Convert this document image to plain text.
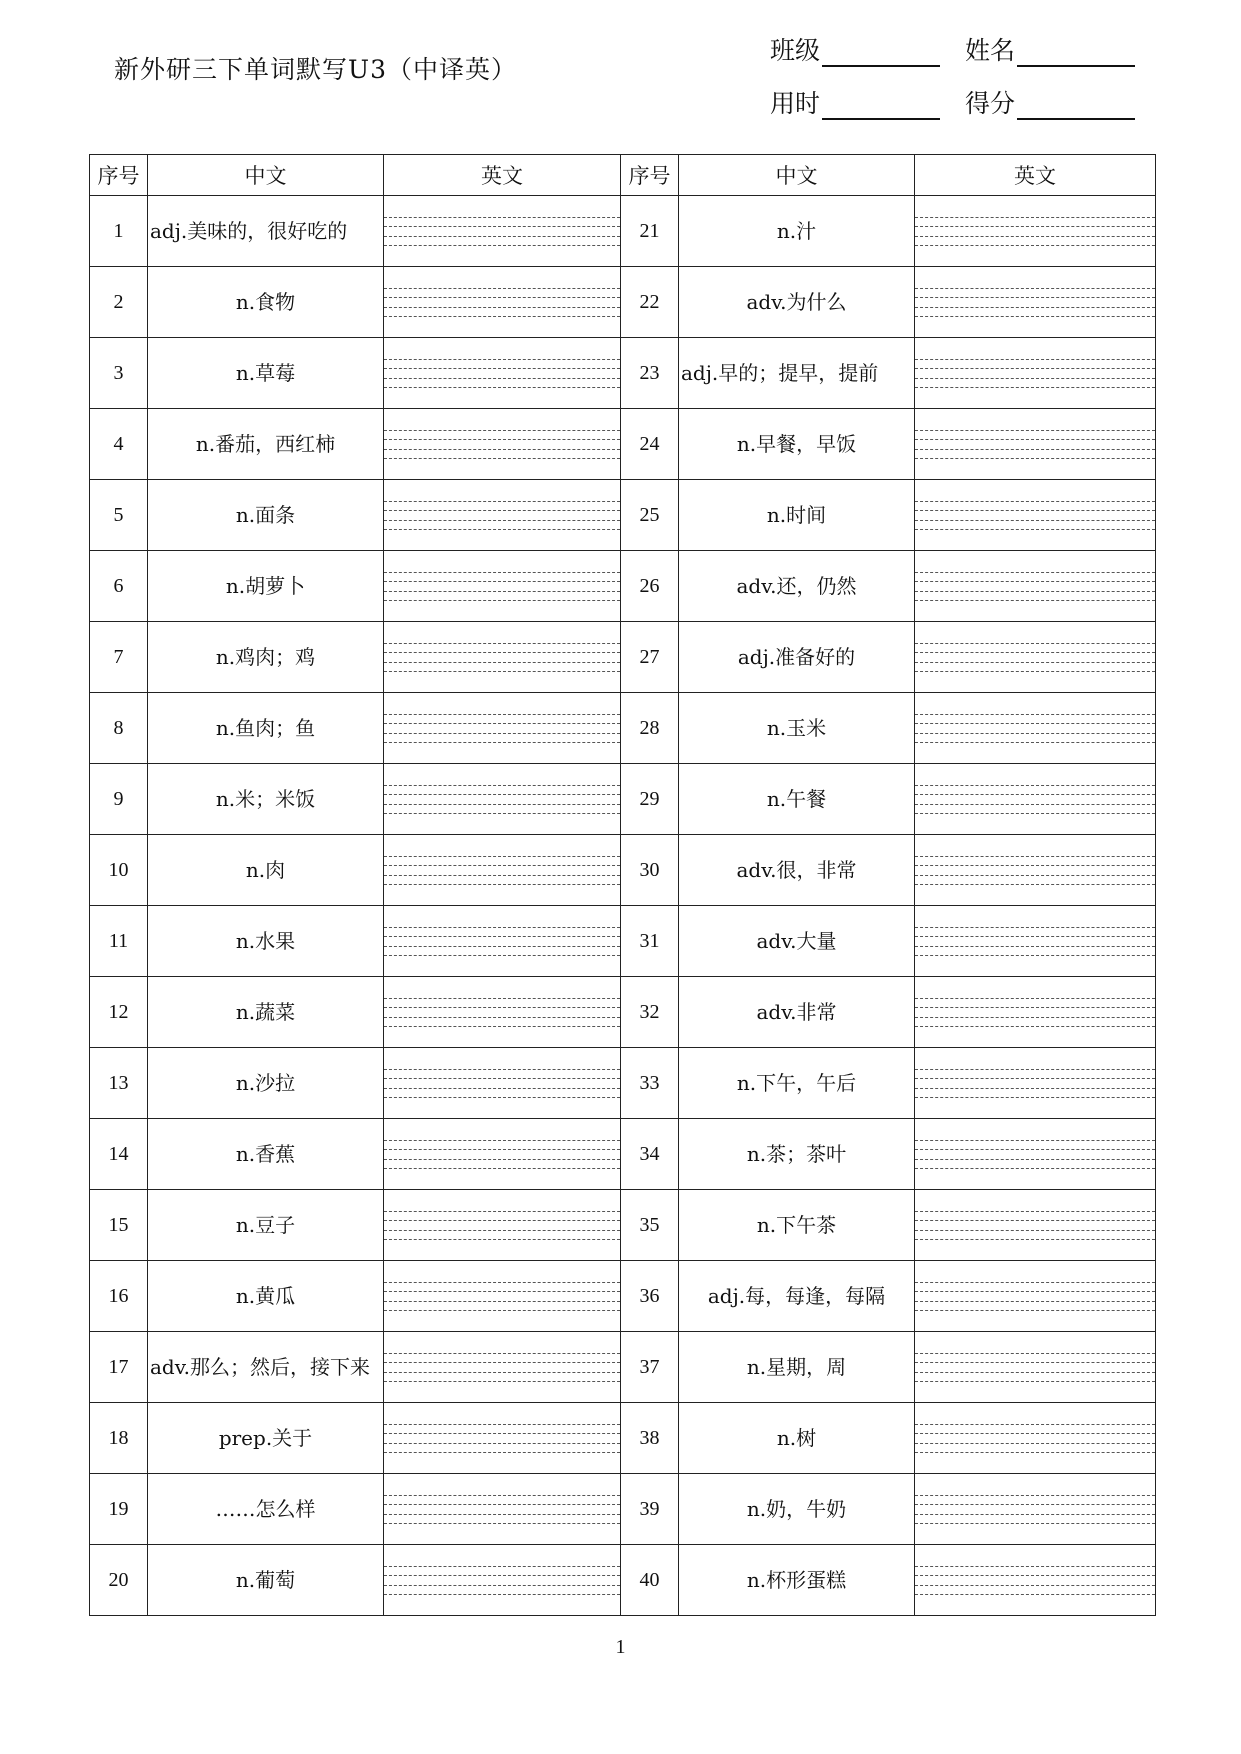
新外研三下单词默写U3（中译英）
班级	姓名
用时	得分
序号	中文	英文	序号	中文	英文
1	adj.美味的，很好吃的		21	n.汁	

2	n.食物		22	adv.为什么	

3	n.草莓		23	adj.早的；提早，提前	

4	n.番茄，西红柿		24	n.早餐，早饭	

5	n.面条		25	n.时间	

6	n.胡萝卜		26	adv.还，仍然	

7	n.鸡肉；鸡		27	adj.准备好的	

8	n.鱼肉；鱼		28	n.玉米	

9	n.米；米饭		29	n.午餐	

10	n.肉		30	adv.很，非常	

11	n.水果		31	adv.大量	

12	n.蔬菜		32	adv.非常	

13	n.沙拉		33	n.下午，午后	

14	n.香蕉		34	n.茶；茶叶	

15	n.豆子		35	n.下午茶	

16	n.黄瓜		36	adj.每，每逢，每隔	

17	adv.那么；然后，接下来		37	n.星期，周	

18	prep.关于		38	n.树	

19	……怎么样		39	n.奶，牛奶	

20	n.葡萄		40	n.杯形蛋糕	
1
